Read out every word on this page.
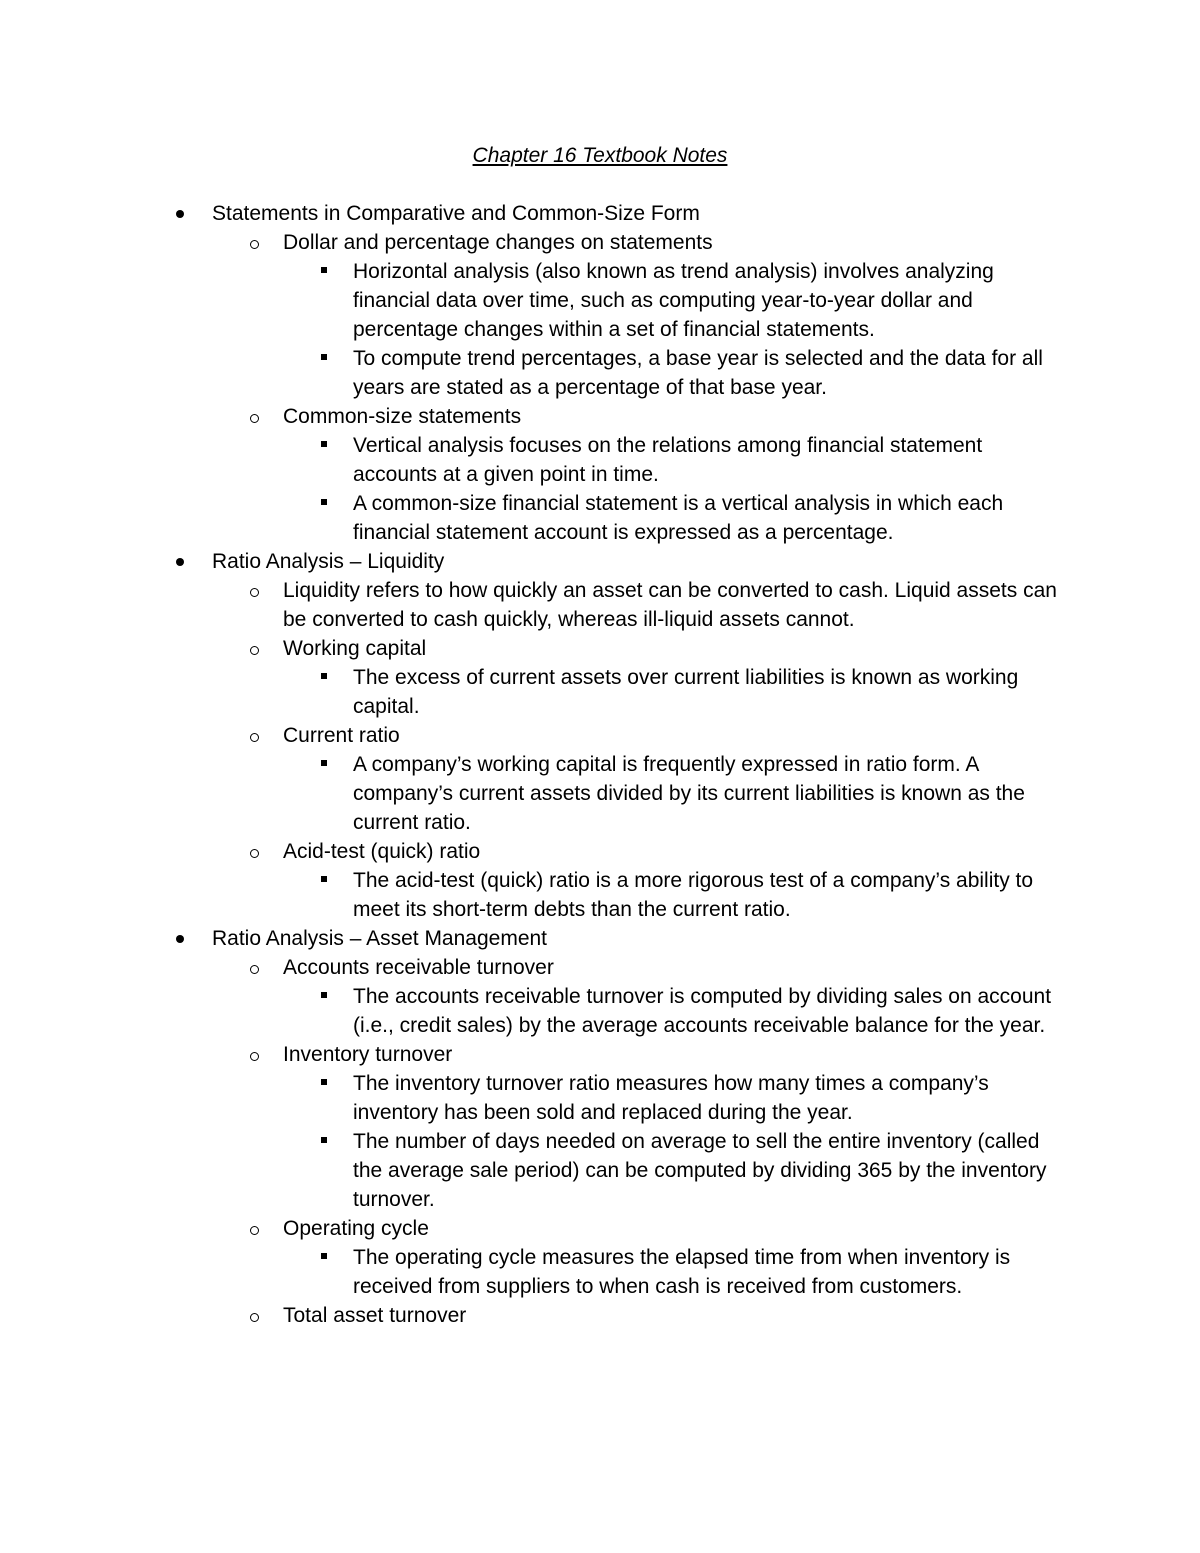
Chapter 16 Textbook Notes
Statements in Comparative and Common-Size Form
Dollar and percentage changes on statements
Horizontal analysis (also known as trend analysis) involves analyzing financial data over time, such as computing year-to-year dollar and percentage changes within a set of financial statements.
To compute trend percentages, a base year is selected and the data for all years are stated as a percentage of that base year.
Common-size statements
Vertical analysis focuses on the relations among financial statement accounts at a given point in time.
A common-size financial statement is a vertical analysis in which each financial statement account is expressed as a percentage.
Ratio Analysis – Liquidity
Liquidity refers to how quickly an asset can be converted to cash. Liquid assets can be converted to cash quickly, whereas ill-liquid assets cannot.
Working capital
The excess of current assets over current liabilities is known as working capital.
Current ratio
A company’s working capital is frequently expressed in ratio form. A company’s current assets divided by its current liabilities is known as the current ratio.
Acid-test (quick) ratio
The acid-test (quick) ratio is a more rigorous test of a company’s ability to meet its short-term debts than the current ratio.
Ratio Analysis – Asset Management
Accounts receivable turnover
The accounts receivable turnover is computed by dividing sales on account (i.e., credit sales) by the average accounts receivable balance for the year.
Inventory turnover
The inventory turnover ratio measures how many times a company’s inventory has been sold and replaced during the year.
The number of days needed on average to sell the entire inventory (called the average sale period) can be computed by dividing 365 by the inventory turnover.
Operating cycle
The operating cycle measures the elapsed time from when inventory is received from suppliers to when cash is received from customers.
Total asset turnover
